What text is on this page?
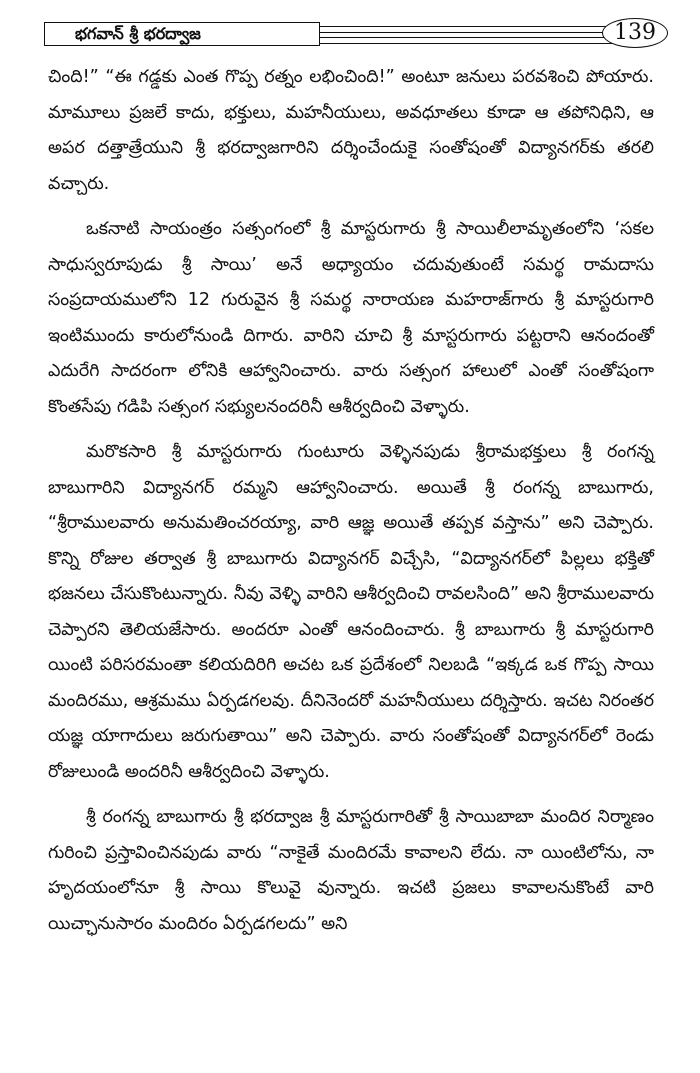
భగవాన్ శ్రీ భరద్వాజ	139

చింది!” “ఈ గడ్డకు ఎంత గొప్ప రత్నం లభించింది!” అంటూ జనులు పరవశించి పోయారు. మామూలు ప్రజలే కాదు, భక్తులు, మహనీయులు, అవధూతలు కూడా ఆ తపోనిధిని, ఆ అపర దత్తాత్రేయుని శ్రీ భరద్వాజగారిని దర్శించేందుకై సంతోషంతో విద్యానగర్‌కు తరలి వచ్చారు.

ఒకనాటి సాయంత్రం సత్సంగంలో శ్రీ మాస్టరుగారు శ్రీ సాయిలీలామృతంలోని ‘సకల సాధుస్వరూపుడు శ్రీ సాయి’ అనే అధ్యాయం చదువుతుంటే సమర్థ రామదాసు సంప్రదాయములోని 12 గురువైన శ్రీ సమర్థ నారాయణ మహరాజ్‌గారు శ్రీ మాస్టరుగారి ఇంటిముందు కారులోనుండి దిగారు. వారిని చూచి శ్రీ మాస్టరుగారు పట్టరాని ఆనందంతో ఎదురేగి సాదరంగా లోనికి ఆహ్వానించారు. వారు సత్సంగ హాలులో ఎంతో సంతోషంగా కొంతసేపు గడిపి సత్సంగ సభ్యులనందరినీ ఆశీర్వదించి వెళ్ళారు.

మరొకసారి శ్రీ మాస్టరుగారు గుంటూరు వెళ్ళినపుడు శ్రీరామభక్తులు శ్రీ రంగన్న బాబుగారిని విద్యానగర్ రమ్మని ఆహ్వానించారు. అయితే శ్రీ రంగన్న బాబుగారు, “శ్రీరాములవారు అనుమతించరయ్యా, వారి ఆజ్ఞ అయితే తప్పక వస్తాను” అని చెప్పారు. కొన్ని రోజుల తర్వాత శ్రీ బాబుగారు విద్యానగర్ విచ్చేసి, “విద్యానగర్‌లో పిల్లలు భక్తితో భజనలు చేసుకొంటున్నారు. నీవు వెళ్ళి వారిని ఆశీర్వదించి రావలసింది” అని శ్రీరాములవారు చెప్పారని తెలియజేసారు. అందరూ ఎంతో ఆనందించారు. శ్రీ బాబుగారు శ్రీ మాస్టరుగారి యింటి పరిసరమంతా కలియదిరిగి అచట ఒక ప్రదేశంలో నిలబడి “ఇక్కడ ఒక గొప్ప సాయి మందిరము, ఆశ్రమము ఏర్పడగలవు. దీనినెందరో మహనీయులు దర్శిస్తారు. ఇచట నిరంతర యజ్ఞ యాగాదులు జరుగుతాయి” అని చెప్పారు. వారు సంతోషంతో విద్యానగర్‌లో రెండు రోజులుండి అందరినీ ఆశీర్వదించి వెళ్ళారు.

శ్రీ రంగన్న బాబుగారు శ్రీ భరద్వాజ శ్రీ మాస్టరుగారితో శ్రీ సాయిబాబా మందిర నిర్మాణం గురించి ప్రస్తావించినపుడు వారు “నాకైతే మందిరమే కావాలని లేదు. నా యింటిలోను, నా హృదయంలోనూ శ్రీ సాయి కొలువై వున్నారు. ఇచటి ప్రజలు కావాలనుకొంటే వారి యిచ్ఛానుసారం మందిరం ఏర్పడగలదు” అని
